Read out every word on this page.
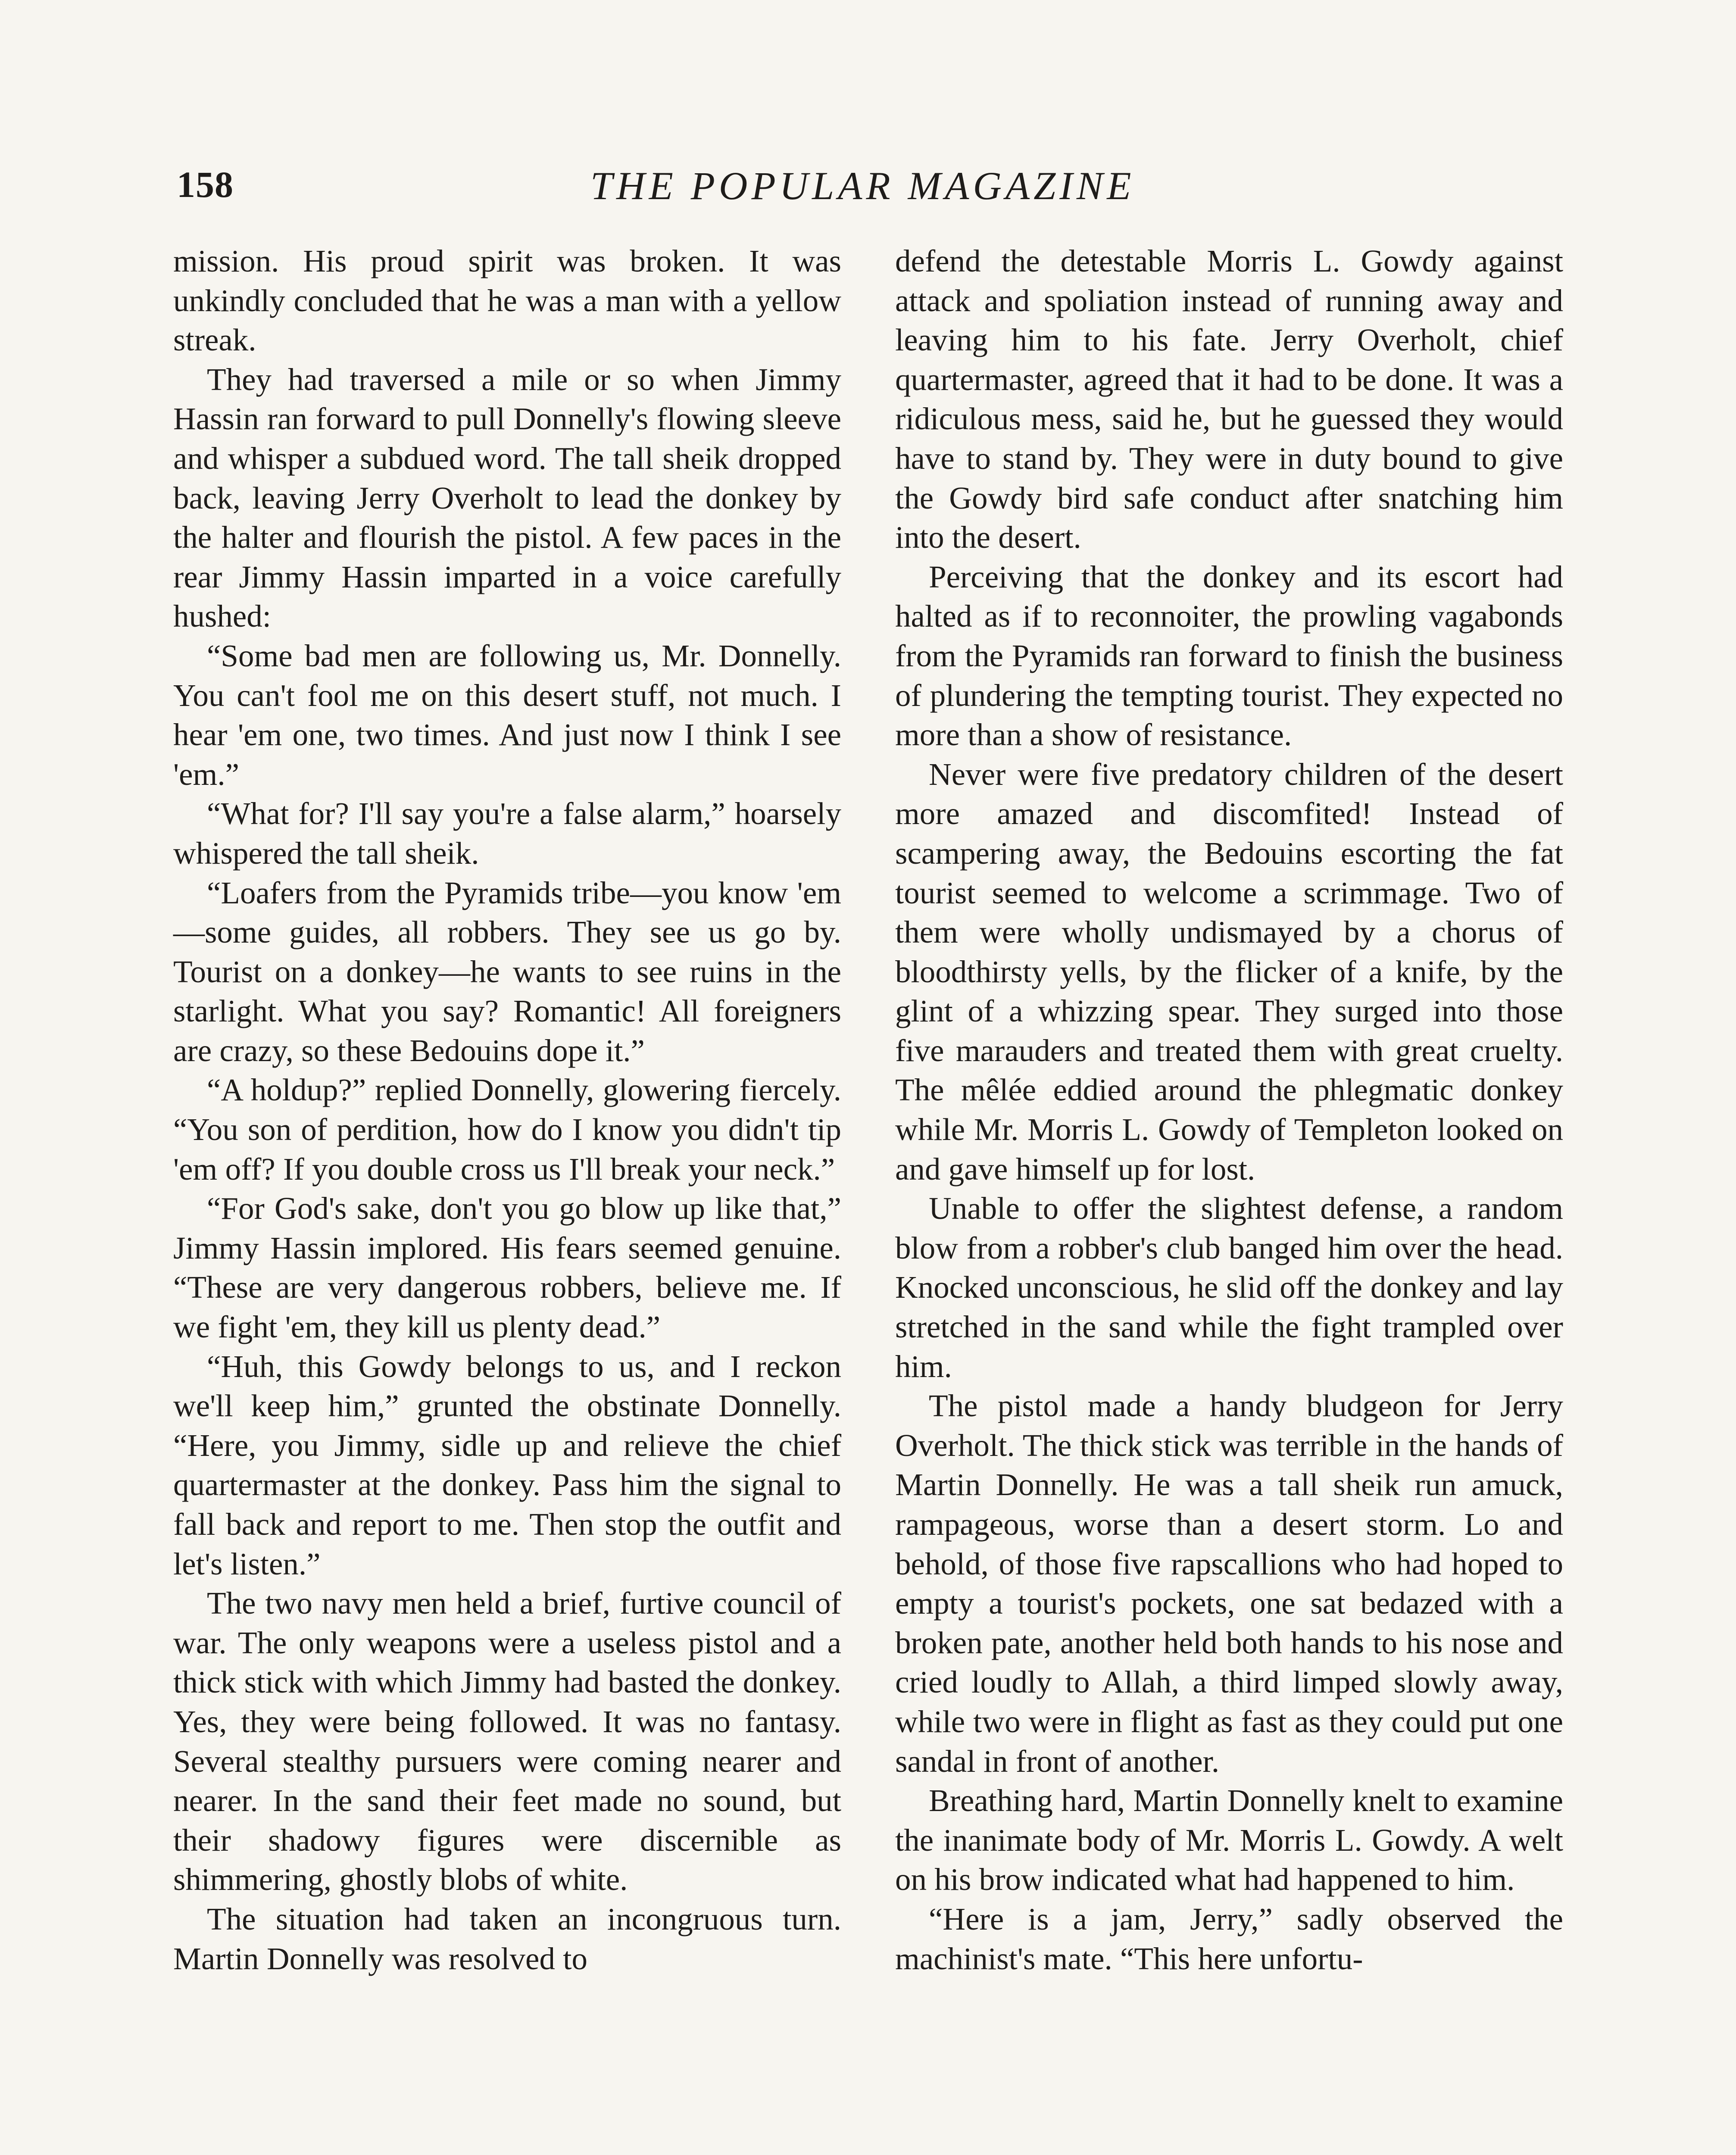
158	THE POPULAR MAGAZINE

mission. His proud spirit was broken. It was unkindly concluded that he was a man with a yellow streak.

They had traversed a mile or so when Jimmy Hassin ran forward to pull Donnelly's flowing sleeve and whisper a subdued word. The tall sheik dropped back, leaving Jerry Overholt to lead the donkey by the halter and flourish the pistol. A few paces in the rear Jimmy Hassin imparted in a voice carefully hushed:

“Some bad men are following us, Mr. Donnelly. You can't fool me on this desert stuff, not much. I hear 'em one, two times. And just now I think I see 'em.”

“What for? I'll say you're a false alarm,” hoarsely whispered the tall sheik.

“Loafers from the Pyramids tribe—you know 'em—some guides, all robbers. They see us go by. Tourist on a donkey—he wants to see ruins in the starlight. What you say? Romantic! All foreigners are crazy, so these Bedouins dope it.”

“A holdup?” replied Donnelly, glowering fiercely. “You son of perdition, how do I know you didn't tip 'em off? If you double cross us I'll break your neck.”

“For God's sake, don't you go blow up like that,” Jimmy Hassin implored. His fears seemed genuine. “These are very dangerous robbers, believe me. If we fight 'em, they kill us plenty dead.”

“Huh, this Gowdy belongs to us, and I reckon we'll keep him,” grunted the obstinate Donnelly. “Here, you Jimmy, sidle up and relieve the chief quartermaster at the donkey. Pass him the signal to fall back and report to me. Then stop the outfit and let's listen.”

The two navy men held a brief, furtive council of war. The only weapons were a useless pistol and a thick stick with which Jimmy had basted the donkey. Yes, they were being followed. It was no fantasy. Several stealthy pursuers were coming nearer and nearer. In the sand their feet made no sound, but their shadowy figures were discernible as shimmering, ghostly blobs of white.

The situation had taken an incongruous turn. Martin Donnelly was resolved to

defend the detestable Morris L. Gowdy against attack and spoliation instead of running away and leaving him to his fate. Jerry Overholt, chief quartermaster, agreed that it had to be done. It was a ridiculous mess, said he, but he guessed they would have to stand by. They were in duty bound to give the Gowdy bird safe conduct after snatching him into the desert.

Perceiving that the donkey and its escort had halted as if to reconnoiter, the prowling vagabonds from the Pyramids ran forward to finish the business of plundering the tempting tourist. They expected no more than a show of resistance.

Never were five predatory children of the desert more amazed and discomfited! Instead of scampering away, the Bedouins escorting the fat tourist seemed to welcome a scrimmage. Two of them were wholly undismayed by a chorus of bloodthirsty yells, by the flicker of a knife, by the glint of a whizzing spear. They surged into those five marauders and treated them with great cruelty. The mêlée eddied around the phlegmatic donkey while Mr. Morris L. Gowdy of Templeton looked on and gave himself up for lost.

Unable to offer the slightest defense, a random blow from a robber's club banged him over the head. Knocked unconscious, he slid off the donkey and lay stretched in the sand while the fight trampled over him.

The pistol made a handy bludgeon for Jerry Overholt. The thick stick was terrible in the hands of Martin Donnelly. He was a tall sheik run amuck, rampageous, worse than a desert storm. Lo and behold, of those five rapscallions who had hoped to empty a tourist's pockets, one sat bedazed with a broken pate, another held both hands to his nose and cried loudly to Allah, a third limped slowly away, while two were in flight as fast as they could put one sandal in front of another.

Breathing hard, Martin Donnelly knelt to examine the inanimate body of Mr. Morris L. Gowdy. A welt on his brow indicated what had happened to him.

“Here is a jam, Jerry,” sadly observed the machinist's mate. “This here unfortu-
